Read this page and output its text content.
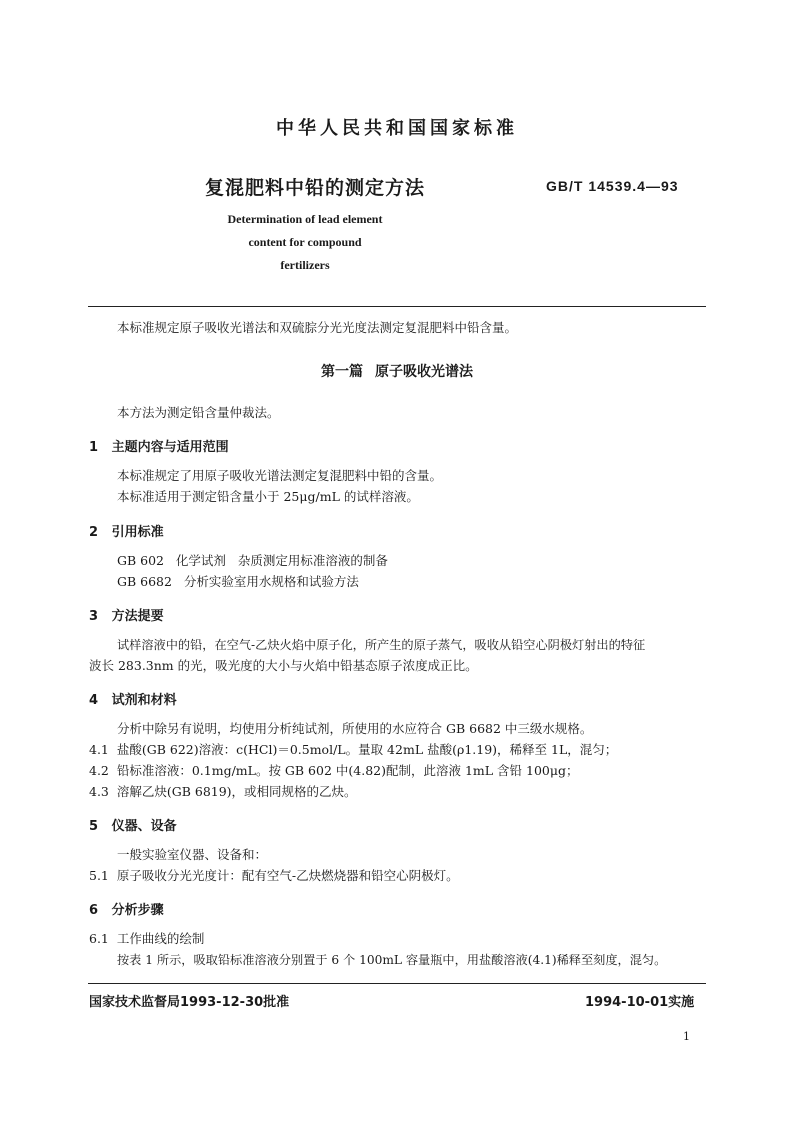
中华人民共和国国家标准
复混肥料中铅的测定方法	GB/T 14539.4—93
Determination of lead element
content for compound
fertilizers
本标准规定原子吸收光谱法和双硫腙分光光度法测定复混肥料中铅含量。
第一篇 原子吸收光谱法
本方法为测定铅含量仲裁法。
1 主题内容与适用范围
本标准规定了用原子吸收光谱法测定复混肥料中铅的含量。
本标准适用于测定铅含量小于 25μg/mL 的试样溶液。
2 引用标准
GB 602   化学试剂   杂质测定用标准溶液的制备
GB 6682   分析实验室用水规格和试验方法
3 方法提要
试样溶液中的铅，在空气-乙炔火焰中原子化，所产生的原子蒸气，吸收从铅空心阴极灯射出的特征
波长 283.3nm 的光，吸光度的大小与火焰中铅基态原子浓度成正比。
4 试剂和材料
分析中除另有说明，均使用分析纯试剂，所使用的水应符合 GB 6682 中三级水规格。
4.1 盐酸(GB 622)溶液：c(HCl)＝0.5mol/L。量取 42mL 盐酸(ρ1.19)，稀释至 1L，混匀；
4.2 铅标准溶液：0.1mg/mL。按 GB 602 中(4.82)配制，此溶液 1mL 含铅 100μg；
4.3 溶解乙炔(GB 6819)，或相同规格的乙炔。
5 仪器、设备
一般实验室仪器、设备和：
5.1 原子吸收分光光度计：配有空气-乙炔燃烧器和铅空心阴极灯。
6 分析步骤
6.1 工作曲线的绘制
按表 1 所示，吸取铅标准溶液分别置于 6 个 100mL 容量瓶中，用盐酸溶液(4.1)稀释至刻度，混匀。
国家技术监督局1993-12-30批准	1994-10-01实施
1
